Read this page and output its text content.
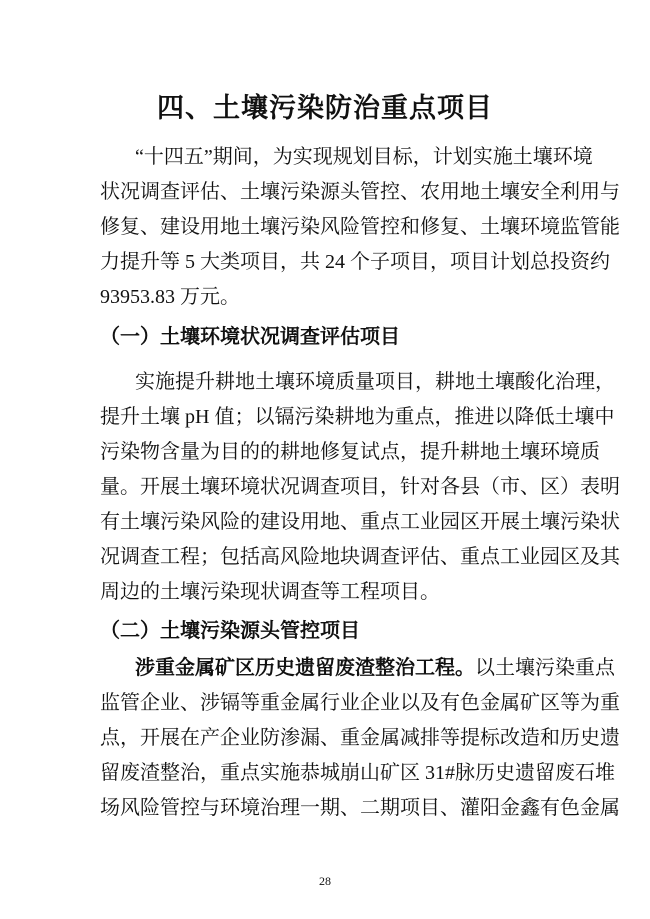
四、土壤污染防治重点项目
“十四五”期间，为实现规划目标，计划实施土壤环境
状况调查评估、土壤污染源头管控、农用地土壤安全利用与
修复、建设用地土壤污染风险管控和修复、土壤环境监管能
力提升等 5 大类项目，共 24 个子项目，项目计划总投资约
93953.83 万元。
（一）土壤环境状况调查评估项目
实施提升耕地土壤环境质量项目，耕地土壤酸化治理，
提升土壤 pH 值；以镉污染耕地为重点，推进以降低土壤中
污染物含量为目的的耕地修复试点，提升耕地土壤环境质
量。开展土壤环境状况调查项目，针对各县（市、区）表明
有土壤污染风险的建设用地、重点工业园区开展土壤污染状
况调查工程；包括高风险地块调查评估、重点工业园区及其
周边的土壤污染现状调查等工程项目。
（二）土壤污染源头管控项目
涉重金属矿区历史遗留废渣整治工程。以土壤污染重点
监管企业、涉镉等重金属行业企业以及有色金属矿区等为重
点，开展在产企业防渗漏、重金属减排等提标改造和历史遗
留废渣整治，重点实施恭城崩山矿区 31#脉历史遗留废石堆
场风险管控与环境治理一期、二期项目、灌阳金鑫有色金属
28
